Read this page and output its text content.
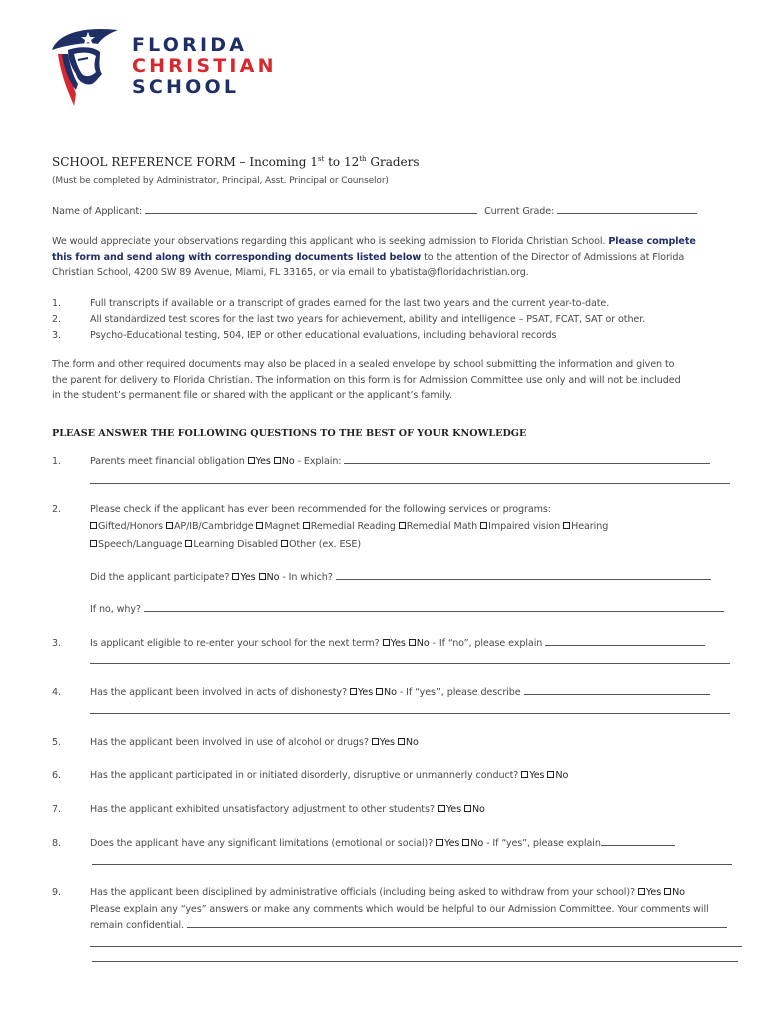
FLORIDA
CHRISTIAN
SCHOOL
SCHOOL REFERENCE FORM – Incoming 1st to 12th Graders
(Must be completed by Administrator, Principal, Asst. Principal or Counselor)
Name of Applicant:	Current Grade:
We would appreciate your observations regarding this applicant who is seeking admission to Florida Christian School. Please complete
this form and send along with corresponding documents listed below to the attention of the Director of Admissions at Florida
Christian School, 4200 SW 89 Avenue, Miami, FL 33165, or via email to ybatista@floridachristian.org.
1.	Full transcripts if available or a transcript of grades earned for the last two years and the current year-to-date.
2.	All standardized test scores for the last two years for achievement, ability and intelligence – PSAT, FCAT, SAT or other.
3.	Psycho-Educational testing, 504, IEP or other educational evaluations, including behavioral records
The form and other required documents may also be placed in a sealed envelope by school submitting the information and given to
the parent for delivery to Florida Christian. The information on this form is for Admission Committee use only and will not be included
in the student’s permanent file or shared with the applicant or the applicant’s family.
PLEASE ANSWER THE FOLLOWING QUESTIONS TO THE BEST OF YOUR KNOWLEDGE
1.	Parents meet financial obligation Yes No - Explain:
2.	Please check if the applicant has ever been recommended for the following services or programs:
Gifted/Honors AP/IB/Cambridge Magnet Remedial Reading Remedial Math Impaired vision Hearing
Speech/Language Learning Disabled Other (ex. ESE)
Did the applicant participate? Yes No - In which?
If no, why?
3.	Is applicant eligible to re-enter your school for the next term? Yes No - If “no”, please explain
4.	Has the applicant been involved in acts of dishonesty? Yes No - If “yes”, please describe
5.	Has the applicant been involved in use of alcohol or drugs? Yes No
6.	Has the applicant participated in or initiated disorderly, disruptive or unmannerly conduct? Yes No
7.	Has the applicant exhibited unsatisfactory adjustment to other students? Yes No
8.	Does the applicant have any significant limitations (emotional or social)? Yes No - If “yes”, please explain
9.	Has the applicant been disciplined by administrative officials (including being asked to withdraw from your school)? Yes No
Please explain any “yes” answers or make any comments which would be helpful to our Admission Committee. Your comments will
remain confidential.
